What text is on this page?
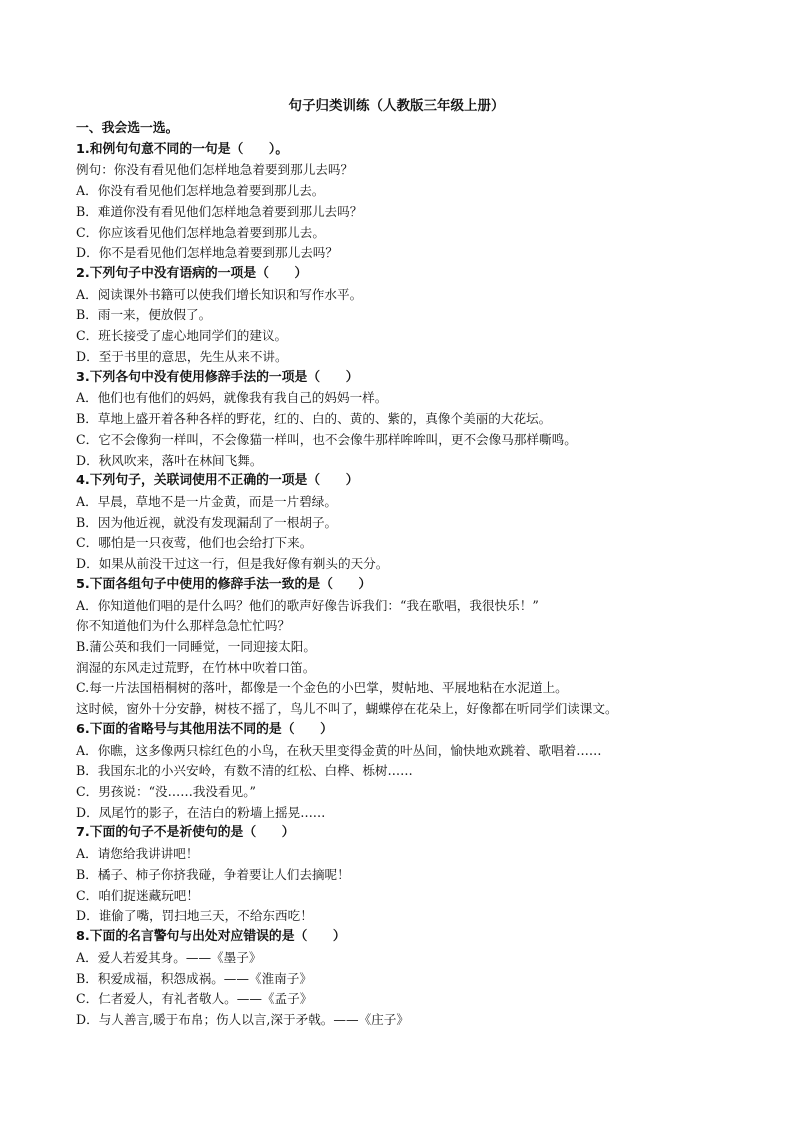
句子归类训练（人教版三年级上册）
一、我会选一选。
1.和例句句意不同的一句是（　　）。
例句：你没有看见他们怎样地急着要到那儿去吗？
A．你没有看见他们怎样地急着要到那儿去。
B．难道你没有看见他们怎样地急着要到那儿去吗？
C．你应该看见他们怎样地急着要到那儿去。
D．你不是看见他们怎样地急着要到那儿去吗？
2.下列句子中没有语病的一项是（　　）
A．阅读课外书籍可以使我们增长知识和写作水平。
B．雨一来，便放假了。
C．班长接受了虚心地同学们的建议。
D．至于书里的意思，先生从来不讲。
3.下列各句中没有使用修辞手法的一项是（　　）
A．他们也有他们的妈妈，就像我有我自己的妈妈一样。
B．草地上盛开着各种各样的野花，红的、白的、黄的、紫的，真像个美丽的大花坛。
C．它不会像狗一样叫，不会像猫一样叫，也不会像牛那样哞哞叫，更不会像马那样嘶鸣。
D．秋风吹来，落叶在林间飞舞。
4.下列句子，关联词使用不正确的一项是（　　）
A．早晨，草地不是一片金黄，而是一片碧绿。
B．因为他近视，就没有发现漏刮了一根胡子。
C．哪怕是一只夜莺，他们也会给打下来。
D．如果从前没干过这一行，但是我好像有剃头的天分。
5.下面各组句子中使用的修辞手法一致的是（　　）
A．你知道他们唱的是什么吗？他们的歌声好像告诉我们：“我在歌唱，我很快乐！”
你不知道他们为什么那样急急忙忙吗？
B.蒲公英和我们一同睡觉，一同迎接太阳。
润湿的东风走过荒野，在竹林中吹着口笛。
C.每一片法国梧桐树的落叶，都像是一个金色的小巴掌，熨帖地、平展地粘在水泥道上。
这时候，窗外十分安静，树枝不摇了，鸟儿不叫了，蝴蝶停在花朵上，好像都在听同学们读课文。
6.下面的省略号与其他用法不同的是（　　）
A．你瞧，这多像两只棕红色的小鸟，在秋天里变得金黄的叶丛间，愉快地欢跳着、歌唱着……
B．我国东北的小兴安岭，有数不清的红松、白桦、栎树……
C．男孩说：“没……我没看见。”
D．凤尾竹的影子，在洁白的粉墙上摇晃……
7.下面的句子不是祈使句的是（　　）
A．请您给我讲讲吧！
B．橘子、柿子你挤我碰，争着要让人们去摘呢！
C．咱们捉迷藏玩吧！
D．谁偷了嘴，罚扫地三天，不给东西吃！
8.下面的名言警句与出处对应错误的是（　　）
A．爱人若爱其身。——《墨子》
B．积爱成福，积怨成祸。——《淮南子》
C．仁者爱人，有礼者敬人。——《孟子》
D．与人善言,暖于布帛；伤人以言,深于矛戟。——《庄子》
